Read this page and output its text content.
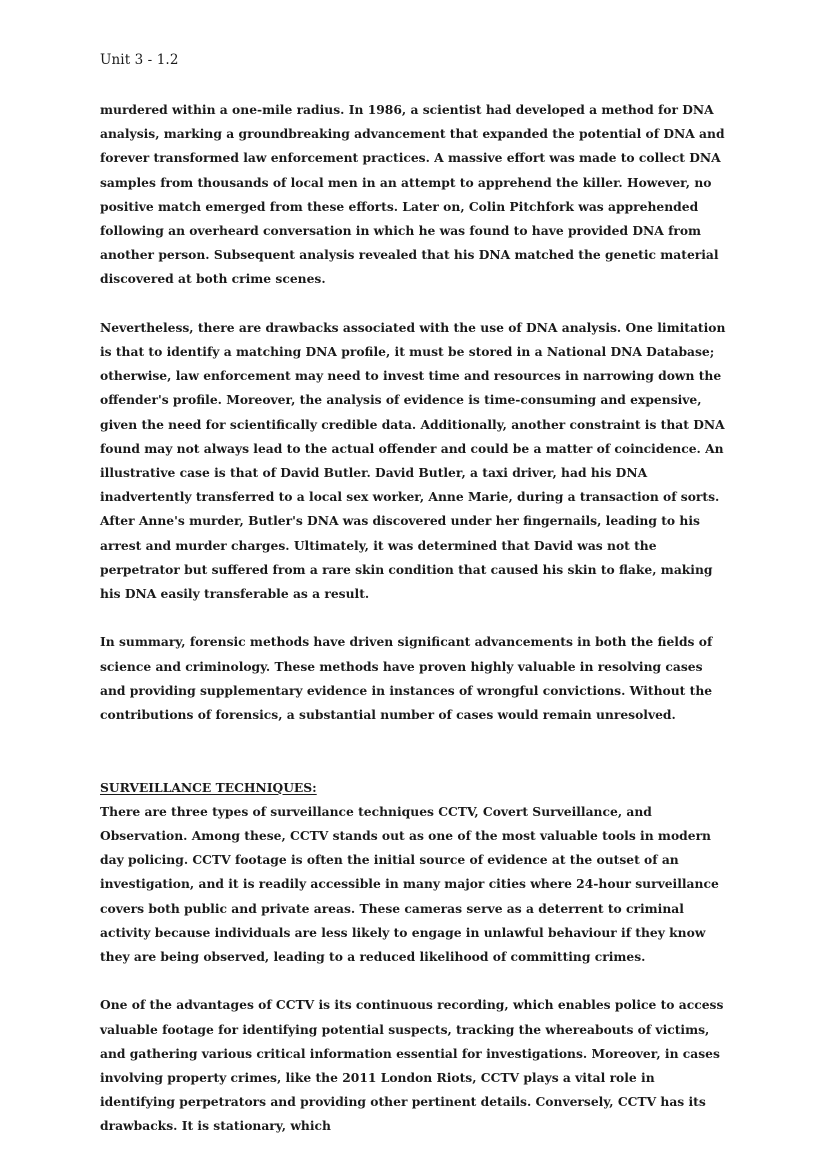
Unit 3 - 1.2

murdered within a one-mile radius. In 1986, a scientist had developed a method for DNA analysis, marking a groundbreaking advancement that expanded the potential of DNA and forever transformed law enforcement practices. A massive effort was made to collect DNA samples from thousands of local men in an attempt to apprehend the killer. However, no positive match emerged from these efforts. Later on, Colin Pitchfork was apprehended following an overheard conversation in which he was found to have provided DNA from another person. Subsequent analysis revealed that his DNA matched the genetic material discovered at both crime scenes.

Nevertheless, there are drawbacks associated with the use of DNA analysis. One limitation is that to identify a matching DNA profile, it must be stored in a National DNA Database; otherwise, law enforcement may need to invest time and resources in narrowing down the offender's profile. Moreover, the analysis of evidence is time-consuming and expensive, given the need for scientifically credible data. Additionally, another constraint is that DNA found may not always lead to the actual offender and could be a matter of coincidence. An illustrative case is that of David Butler. David Butler, a taxi driver, had his DNA inadvertently transferred to a local sex worker, Anne Marie, during a transaction of sorts. After Anne's murder, Butler's DNA was discovered under her fingernails, leading to his arrest and murder charges. Ultimately, it was determined that David was not the perpetrator but suffered from a rare skin condition that caused his skin to flake, making his DNA easily transferable as a result.

In summary, forensic methods have driven significant advancements in both the fields of science and criminology. These methods have proven highly valuable in resolving cases and providing supplementary evidence in instances of wrongful convictions. Without the contributions of forensics, a substantial number of cases would remain unresolved.

SURVEILLANCE TECHNIQUES:

There are three types of surveillance techniques CCTV, Covert Surveillance, and Observation. Among these, CCTV stands out as one of the most valuable tools in modern day policing. CCTV footage is often the initial source of evidence at the outset of an investigation, and it is readily accessible in many major cities where 24-hour surveillance covers both public and private areas. These cameras serve as a deterrent to criminal activity because individuals are less likely to engage in unlawful behaviour if they know they are being observed, leading to a reduced likelihood of committing crimes.

One of the advantages of CCTV is its continuous recording, which enables police to access valuable footage for identifying potential suspects, tracking the whereabouts of victims, and gathering various critical information essential for investigations. Moreover, in cases involving property crimes, like the 2011 London Riots, CCTV plays a vital role in identifying perpetrators and providing other pertinent details. Conversely, CCTV has its drawbacks. It is stationary, which
